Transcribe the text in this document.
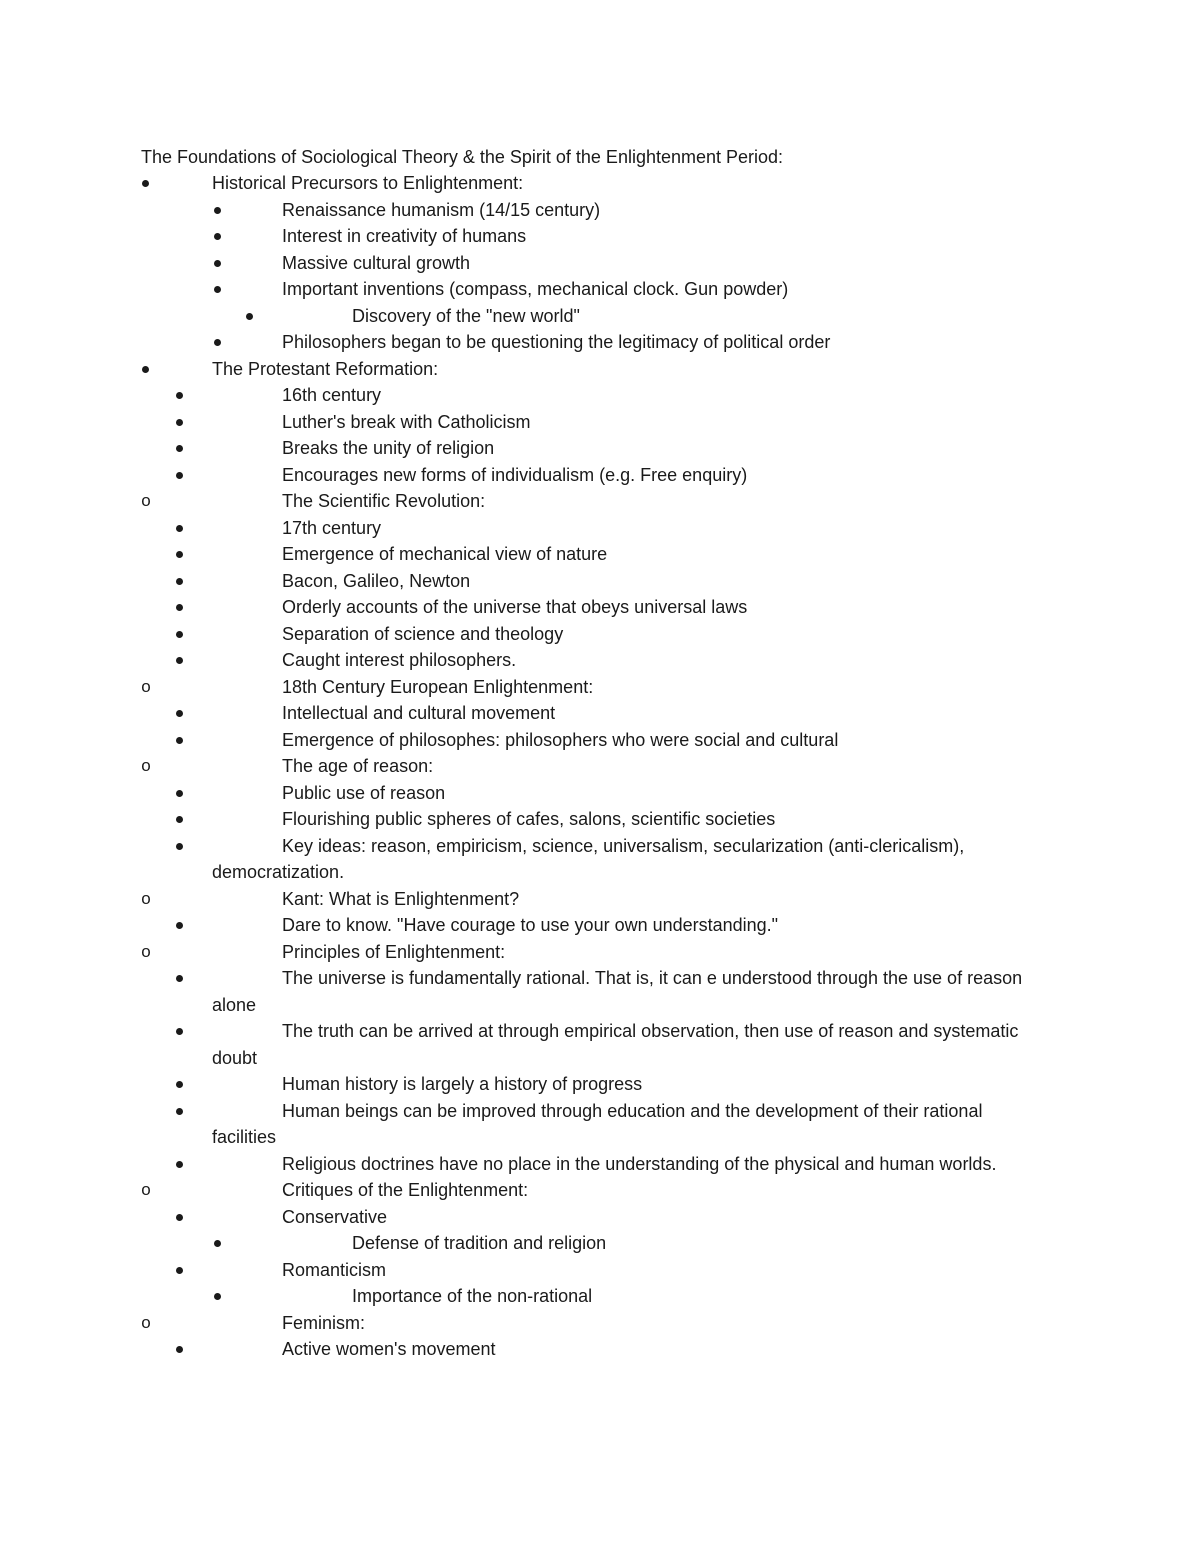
The Foundations of Sociological Theory & the Spirit of the Enlightenment Period:
Historical Precursors to Enlightenment:
Renaissance humanism (14/15 century)
Interest in creativity of humans
Massive cultural growth
Important inventions (compass, mechanical clock. Gun powder)
Discovery of the "new world"
Philosophers began to be questioning the legitimacy of political order
The Protestant Reformation:
16th century
Luther's break with Catholicism
Breaks the unity of religion
Encourages new forms of individualism (e.g. Free enquiry)
o	The Scientific Revolution:
17th century
Emergence of mechanical view of nature
Bacon, Galileo, Newton
Orderly accounts of the universe that obeys universal laws
Separation of science and theology
Caught interest philosophers.
o	18th Century European Enlightenment:
Intellectual and cultural movement
Emergence of philosophes: philosophers who were social and cultural
o	The age of reason:
Public use of reason
Flourishing public spheres of cafes, salons, scientific societies
Key ideas: reason, empiricism, science, universalism, secularization (anti-clericalism), democratization.
o	Kant: What is Enlightenment?
Dare to know. "Have courage to use your own understanding."
o	Principles of Enlightenment:
The universe is fundamentally rational. That is, it can e understood through the use of reason alone
The truth can be arrived at through empirical observation, then use of reason and systematic doubt
Human history is largely a history of progress
Human beings can be improved through education and the development of their rational facilities
Religious doctrines have no place in the understanding of the physical and human worlds.
o	Critiques of the Enlightenment:
Conservative
Defense of tradition and religion
Romanticism
Importance of the non-rational
o	Feminism:
Active women's movement
